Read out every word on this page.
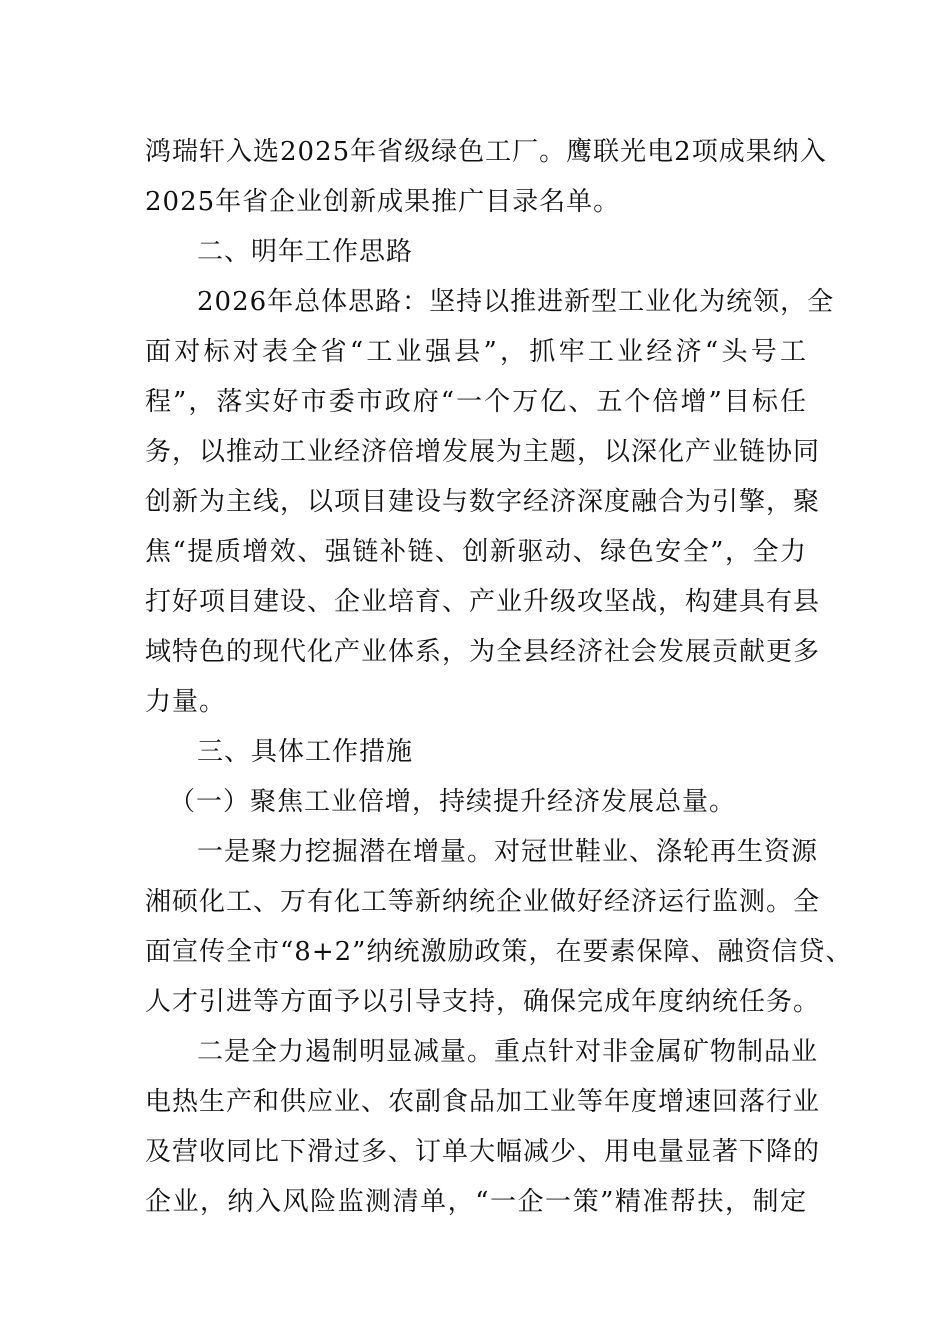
鸿瑞轩入选2025年省级绿色工厂。鹰联光电2项成果纳入
2025年省企业创新成果推广目录名单。
二、明年工作思路
2026年总体思路：坚持以推进新型工业化为统领，全
面对标对表全省“工业强县”，抓牢工业经济“头号工
程”，落实好市委市政府“一个万亿、五个倍增”目标任
务，以推动工业经济倍增发展为主题，以深化产业链协同
创新为主线，以项目建设与数字经济深度融合为引擎，聚
焦“提质增效、强链补链、创新驱动、绿色安全”，全力
打好项目建设、企业培育、产业升级攻坚战，构建具有县
域特色的现代化产业体系，为全县经济社会发展贡献更多
力量。
三、具体工作措施
（一）聚焦工业倍增，持续提升经济发展总量。
一是聚力挖掘潜在增量。对冠世鞋业、涤轮再生资源
湘硕化工、万有化工等新纳统企业做好经济运行监测。全
面宣传全市“8+2”纳统激励政策，在要素保障、融资信贷、
人才引进等方面予以引导支持，确保完成年度纳统任务。
二是全力遏制明显减量。重点针对非金属矿物制品业
电热生产和供应业、农副食品加工业等年度增速回落行业
及营收同比下滑过多、订单大幅减少、用电量显著下降的
企业，纳入风险监测清单，“一企一策”精准帮扶，制定
